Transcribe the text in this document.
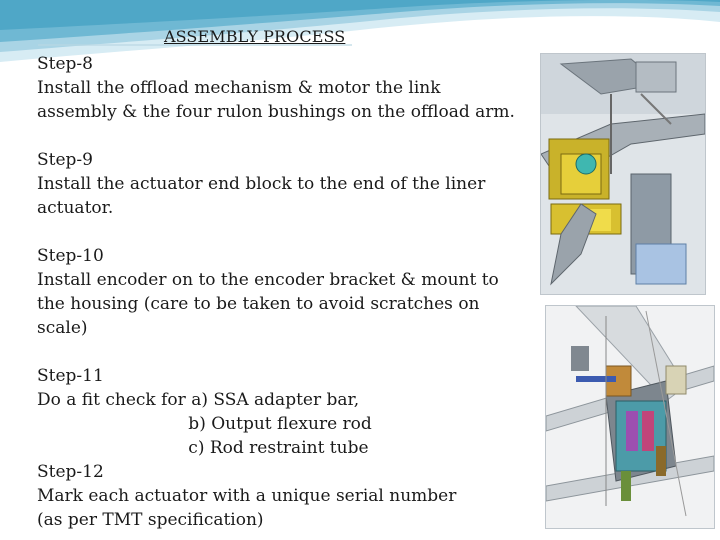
ASSEMBLY PROCESS
Step-8
Install the offload mechanism & motor the link
assembly & the four rulon bushings on the offload arm.
Step-9
Install the actuator end block to the end of the liner
actuator.
Step-10
Install encoder on to the encoder bracket & mount to
the housing (care to be taken to avoid scratches on
scale)
Step-11
Do a fit check for a) SSA adapter bar,
b) Output flexure rod
c) Rod restraint tube
Step-12
Mark each actuator with a unique serial number
(as per TMT specification)
